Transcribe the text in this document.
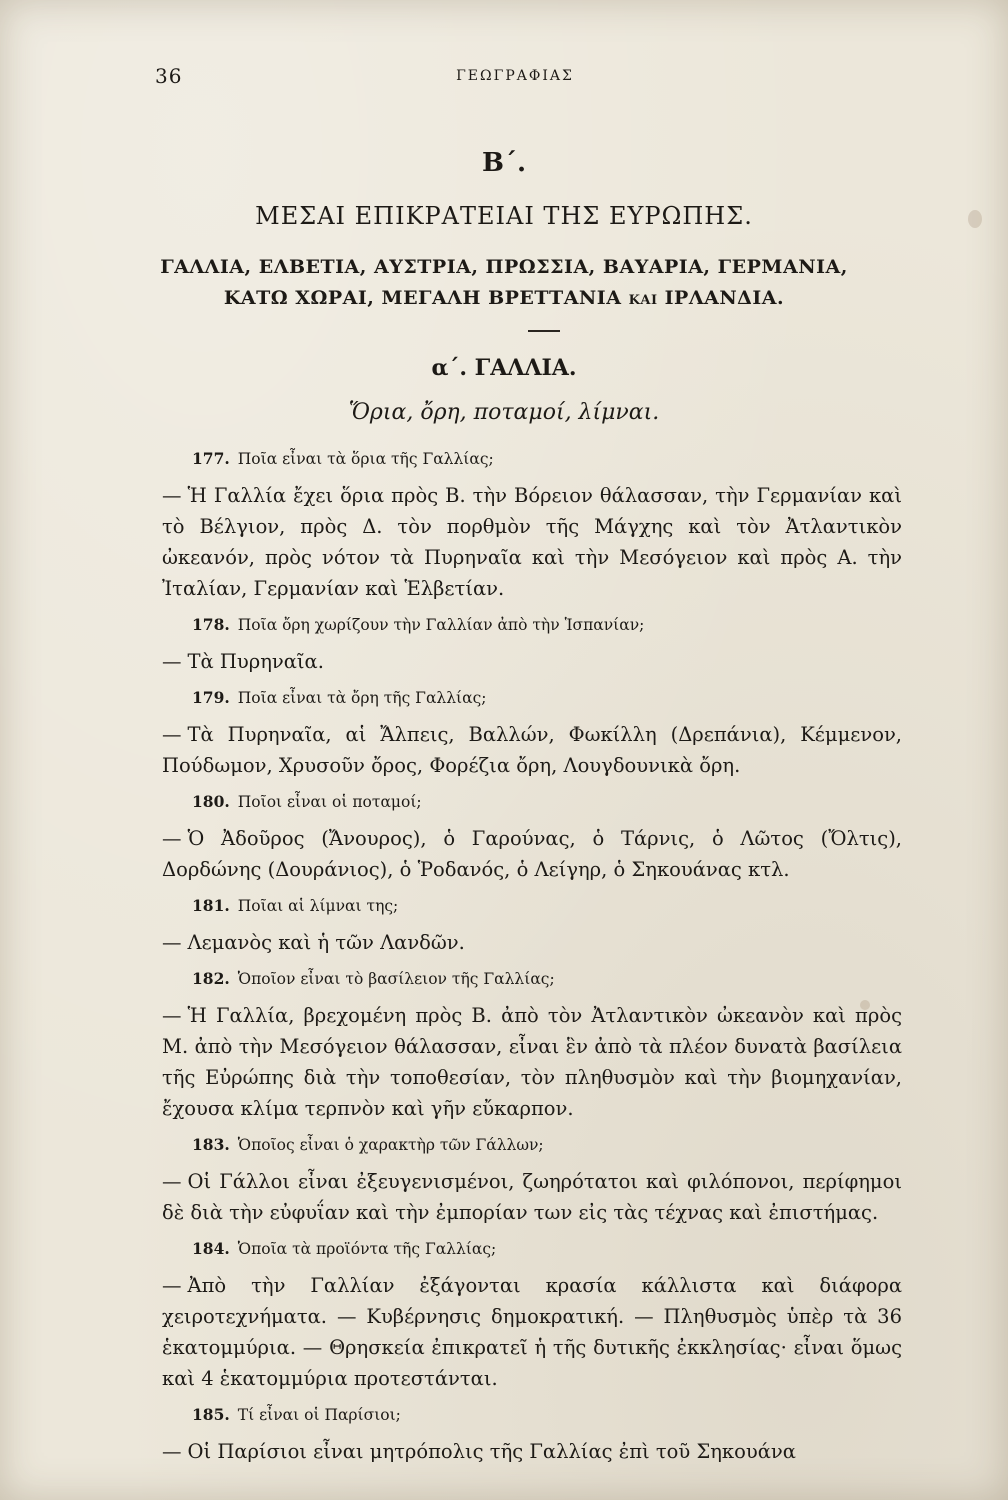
36	ΓΕΩΓΡΑΦΙΑΣ
Β΄.
ΜΕΣΑΙ ΕΠΙΚΡΑΤΕΙΑΙ ΤΗΣ ΕΥΡΩΠΗΣ.
ΓΑΛΛΙΑ, ΕΛΒΕΤΙΑ, ΑΥΣΤΡΙΑ, ΠΡΩΣΣΙΑ, ΒΑΥΑΡΙΑ, ΓΕΡΜΑΝΙΑ,
ΚΑΤΩ ΧΩΡΑΙ, ΜΕΓΑΛΗ ΒΡΕΤΤΑΝΙΑ ΚΑΙ ΙΡΛΑΝΔΙΑ.
α΄. ΓΑΛΛΙΑ.
Ὅρια, ὄρη, ποταμοί, λίμναι.
177. Ποῖα εἶναι τὰ ὅρια τῆς Γαλλίας;
— Ἡ Γαλλία ἔχει ὅρια πρὸς Β. τὴν Βόρειον θάλασσαν, τὴν Γερμανίαν καὶ τὸ Βέλγιον, πρὸς Δ. τὸν πορθμὸν τῆς Μάγχης καὶ τὸν Ἀτλαντικὸν ὠκεανόν, πρὸς νότον τὰ Πυρηναῖα καὶ τὴν Μεσόγειον καὶ πρὸς Α. τὴν Ἰταλίαν, Γερμανίαν καὶ Ἑλβετίαν.
178. Ποῖα ὄρη χωρίζουν τὴν Γαλλίαν ἀπὸ τὴν Ἱσπανίαν;
— Τὰ Πυρηναῖα.
179. Ποῖα εἶναι τὰ ὄρη τῆς Γαλλίας;
— Τὰ Πυρηναῖα, αἱ Ἄλπεις, Βαλλών, Φωκίλλη (Δρεπάνια), Κέμμενον, Πούδωμον, Χρυσοῦν ὄρος, Φορέζια ὄρη, Λουγδουνικὰ ὄρη.
180. Ποῖοι εἶναι οἱ ποταμοί;
— Ὁ Ἀδοῦρος (Ἄνουρος), ὁ Γαρούνας, ὁ Τάρνις, ὁ Λῶτος (Ὄλτις), Δορδώνης (Δουράνιος), ὁ Ῥοδανός, ὁ Λείγηρ, ὁ Σηκουάνας κτλ.
181. Ποῖαι αἱ λίμναι της;
— Λεμανὸς καὶ ἡ τῶν Λανδῶν.
182. Ὁποῖον εἶναι τὸ βασίλειον τῆς Γαλλίας;
— Ἡ Γαλλία, βρεχομένη πρὸς Β. ἀπὸ τὸν Ἀτλαντικὸν ὠκεανὸν καὶ πρὸς Μ. ἀπὸ τὴν Μεσόγειον θάλασσαν, εἶναι ἓν ἀπὸ τὰ πλέον δυνατὰ βασίλεια τῆς Εὐρώπης διὰ τὴν τοποθεσίαν, τὸν πληθυσμὸν καὶ τὴν βιομηχανίαν, ἔχουσα κλίμα τερπνὸν καὶ γῆν εὔκαρπον.
183. Ὁποῖος εἶναι ὁ χαρακτὴρ τῶν Γάλλων;
— Οἱ Γάλλοι εἶναι ἐξευγενισμένοι, ζωηρότατοι καὶ φιλόπονοι, περίφημοι δὲ διὰ τὴν εὐφυΐαν καὶ τὴν ἐμπορίαν των εἰς τὰς τέχνας καὶ ἐπιστήμας.
184. Ὁποῖα τὰ προϊόντα τῆς Γαλλίας;
— Ἀπὸ τὴν Γαλλίαν ἐξάγονται κρασία κάλλιστα καὶ διάφορα χειροτεχνήματα. — Κυβέρνησις δημοκρατική. — Πληθυσμὸς ὑπὲρ τὰ 36 ἑκατομμύρια. — Θρησκεία ἐπικρατεῖ ἡ τῆς δυτικῆς ἐκκλησίας· εἶναι ὅμως καὶ 4 ἑκατομμύρια προτεστάνται.
185. Τί εἶναι οἱ Παρίσιοι;
— Οἱ Παρίσιοι εἶναι μητρόπολις τῆς Γαλλίας ἐπὶ τοῦ Σηκουάνα
